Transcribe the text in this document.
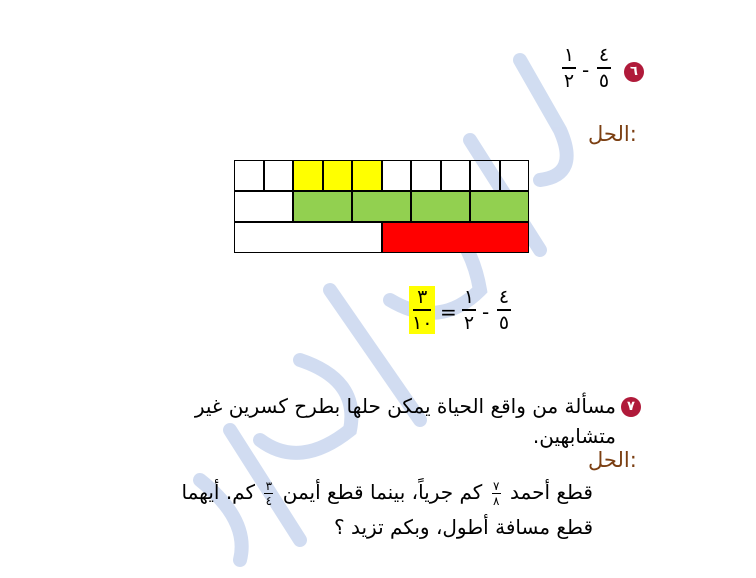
٦
٤
٥
-
١
٢
الحل:
٤
٥
-
١
٢
=
٣
١٠
٧
مسألة من واقع الحياة يمكن حلها بطرح كسرين غير
متشابهين.
الحل:
قطع أحمد
$\frac{٧}{٨}$
كم جرياً، بينما قطع أيمن
$\frac{٣}{٤}$
كم. أيهما
قطع مسافة أطول، وبكم تزيد ؟
